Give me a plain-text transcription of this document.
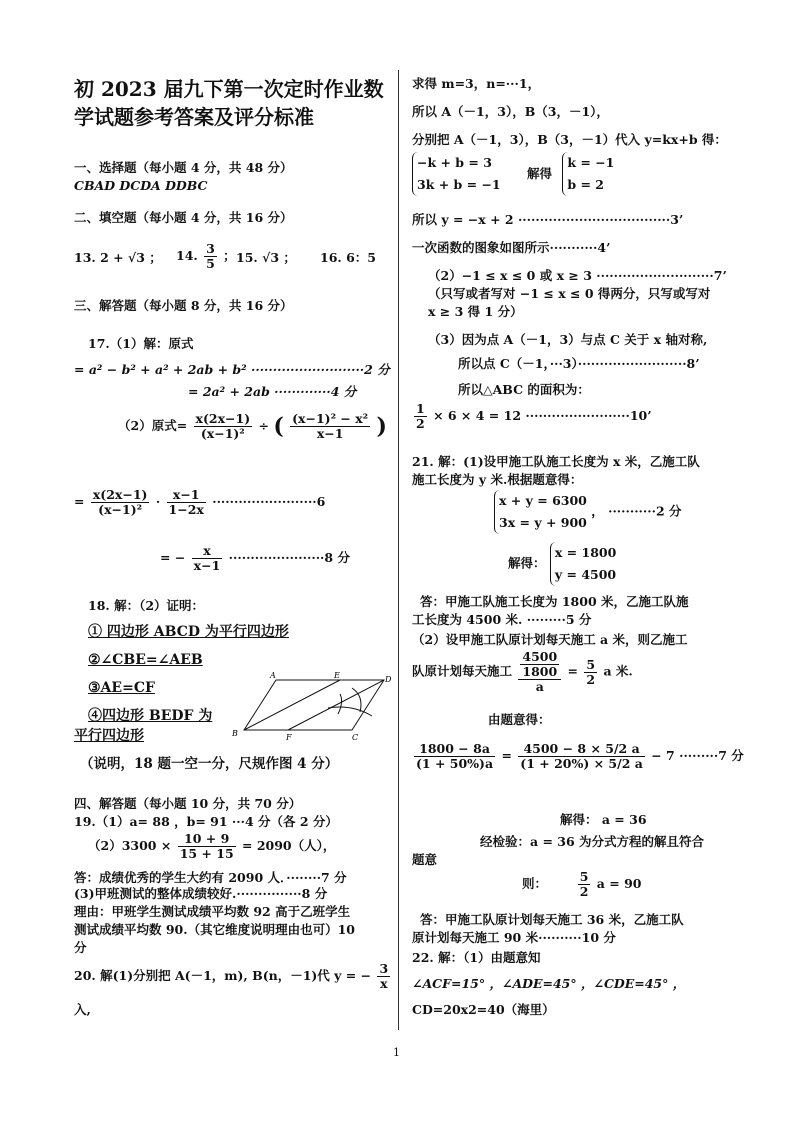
初 2023 届九下第一次定时作业数
学试题参考答案及评分标准
一、选择题（每小题 4 分，共 48 分）
CBAD DCDA DDBC
二、填空题（每小题 4 分，共 16 分）
13. 2 + √3 ； 14. $\frac{3}{5}$ ； 15. √3 ； 16. 6：5
三、解答题（每小题 8 分，共 16 分）
17.（1）解：原式
= a² − b² + a² + 2ab + b² ··························2 分
= 2a² + 2ab ·············4 分
（2）原式= $\frac{x(2x-1)}{\text{(x−1)²}}$ ÷ ( $\frac{\text{(x−1)² − x²}}{x-1}$ )
= $\frac{x(2x-1)}{\text{(x−1)²}} \cdot \frac{x-1}{1-2x} \cdot\cdot\cdot\cdot\cdot\cdot\cdot\cdot\cdot\cdot\cdot\cdot\cdot\cdot\cdot\cdot\cdot\cdot\cdot\cdot\cdot\cdot\cdot\cdot 6$
= − $\frac{x}{x-1} \cdot\cdot\cdot\cdot\cdot\cdot\cdot\cdot\cdot\cdot\cdot\cdot\cdot\cdot\cdot\cdot\cdot\cdot\cdot\cdot\cdot\cdot 8$ 分
18. 解：（2）证明：
① 四边形 ABCD 为平行四边形
②∠CBE=∠AEB
③AE=CF
④四边形 BEDF 为
平行四边形
（说明，18 题一空一分，尺规作图 4 分）
A
B	C
D
E
F
四、解答题（每小题 10 分，共 70 分）
19.（1）a= 88 ，b= 91 ···4 分（各 2 分）
$(2)3300 \times \frac{10 + 9}{15 + 15} = 2090$（人），
答：成绩优秀的学生大约有 2090 人．········7 分
(3)甲班测试的整体成绩较好.···············8 分
理由：甲班学生测试成绩平均数 92 高于乙班学生
测试成绩平均数 90.（其它维度说明理由也可）10
分
20. 解(1)分别把 A(－1，m), B(n，－1)代 y = − $\frac{3}{x}$
入,
求得 m=3，n=···1，
所以 A（－1，3），B（3，－1），
分别把 A（－1，3），B（3，－1）代入 y=kx+b 得：
−k + b = 3
3k + b = −1
解得
k = −1
b = 2
所以 y = −x + 2 ···································3’
一次函数的图象如图所示···········4’
（2）−1 ≤ x ≤ 0 或 x ≥ 3 ···························7’
（只写或者写对 −1 ≤ x ≤ 0 得两分，只写或写对
x ≥ 3 得 1 分）
（3）因为点 A（－1，3）与点 C 关于 x 轴对称,
所以点 C（－1，···3）·························8’
所以△ABC 的面积为：
$\frac{1}{2} \times 6 \times 4 = 12 \cdot\cdot\cdot\cdot\cdot\cdot\cdot\cdot\cdot\cdot\cdot\cdot\cdot\cdot\cdot\cdot\cdot\cdot\cdot\cdot\cdot\cdot\cdot\cdot 10$’
21. 解：(1)设甲施工队施工长度为 x 米，乙施工队
施工长度为 y 米.根据题意得：
x + y = 6300
3x = y + 900
， ···········2 分
解得：
x = 1800
y = 4500
答：甲施工队施工长度为 1800 米，乙施工队施
工长度为 4500 米. ·········5 分
（2）设甲施工队原计划每天施工 a 米，则乙施工
队原计划每天施工 $\frac{\frac{4500}{1800}}{a} = \frac{5}{2}$ a 米.
由题意得：
$\frac{1800 - 8a}{(1 + 50\%)a} = \frac{4500 - 8 \times 5/2 a}{(1 + 20\%) \times 5/2 a} - 7 \cdot\cdot\cdot\cdot\cdot\cdot\cdot\cdot\cdot 7$ 分
解得： a = 36
经检验：a = 36 为分式方程的解且符合
题意
则： $\frac{5}{2}$ a = 90
答：甲施工队原计划每天施工 36 米，乙施工队
原计划每天施工 90 米··········10 分
22. 解：（1）由题意知
∠ACF=15° ，∠ADE=45° ，∠CDE=45° ，
CD=20x2=40（海里）
1
